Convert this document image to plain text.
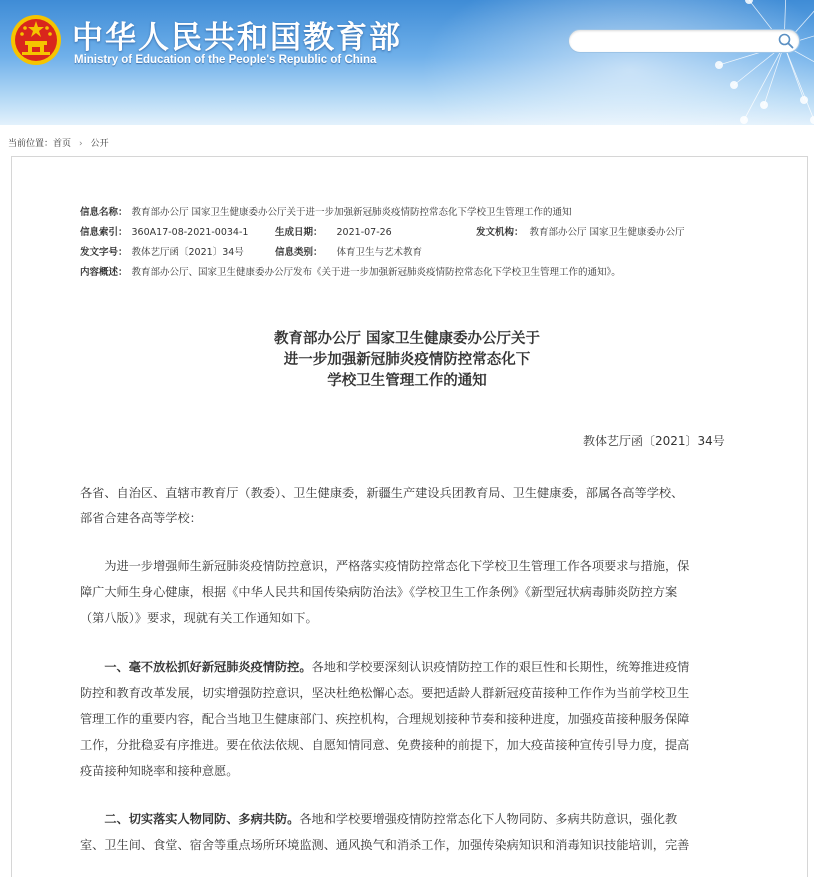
中华人民共和国教育部
Ministry of Education of the People's Republic of China
当前位置：首页 › 公开
信息名称： 教育部办公厅 国家卫生健康委办公厅关于进一步加强新冠肺炎疫情防控常态化下学校卫生管理工作的通知
信息索引： 360A17-08-2021-0034-1	生成日期： 2021-07-26	发文机构： 教育部办公厅 国家卫生健康委办公厅
发文字号： 教体艺厅函〔2021〕34号	信息类别： 体育卫生与艺术教育
内容概述： 教育部办公厅、国家卫生健康委办公厅发布《关于进一步加强新冠肺炎疫情防控常态化下学校卫生管理工作的通知》。
教育部办公厅 国家卫生健康委办公厅关于
进一步加强新冠肺炎疫情防控常态化下
学校卫生管理工作的通知
教体艺厅函〔2021〕34号
各省、自治区、直辖市教育厅（教委）、卫生健康委，新疆生产建设兵团教育局、卫生健康委，部属各高等学校、
部省合建各高等学校：
　　为进一步增强师生新冠肺炎疫情防控意识，严格落实疫情防控常态化下学校卫生管理工作各项要求与措施，保
障广大师生身心健康，根据《中华人民共和国传染病防治法》《学校卫生工作条例》《新型冠状病毒肺炎防控方案
（第八版）》要求，现就有关工作通知如下。
　　一、毫不放松抓好新冠肺炎疫情防控。各地和学校要深刻认识疫情防控工作的艰巨性和长期性，统筹推进疫情
防控和教育改革发展，切实增强防控意识，坚决杜绝松懈心态。要把适龄人群新冠疫苗接种工作作为当前学校卫生
管理工作的重要内容，配合当地卫生健康部门、疾控机构，合理规划接种节奏和接种进度，加强疫苗接种服务保障
工作，分批稳妥有序推进。要在依法依规、自愿知情同意、免费接种的前提下，加大疫苗接种宣传引导力度，提高
疫苗接种知晓率和接种意愿。
　　二、切实落实人物同防、多病共防。各地和学校要增强疫情防控常态化下人物同防、多病共防意识，强化教
室、卫生间、食堂、宿舍等重点场所环境监测、通风换气和消杀工作，加强传染病知识和消毒知识技能培训，完善
